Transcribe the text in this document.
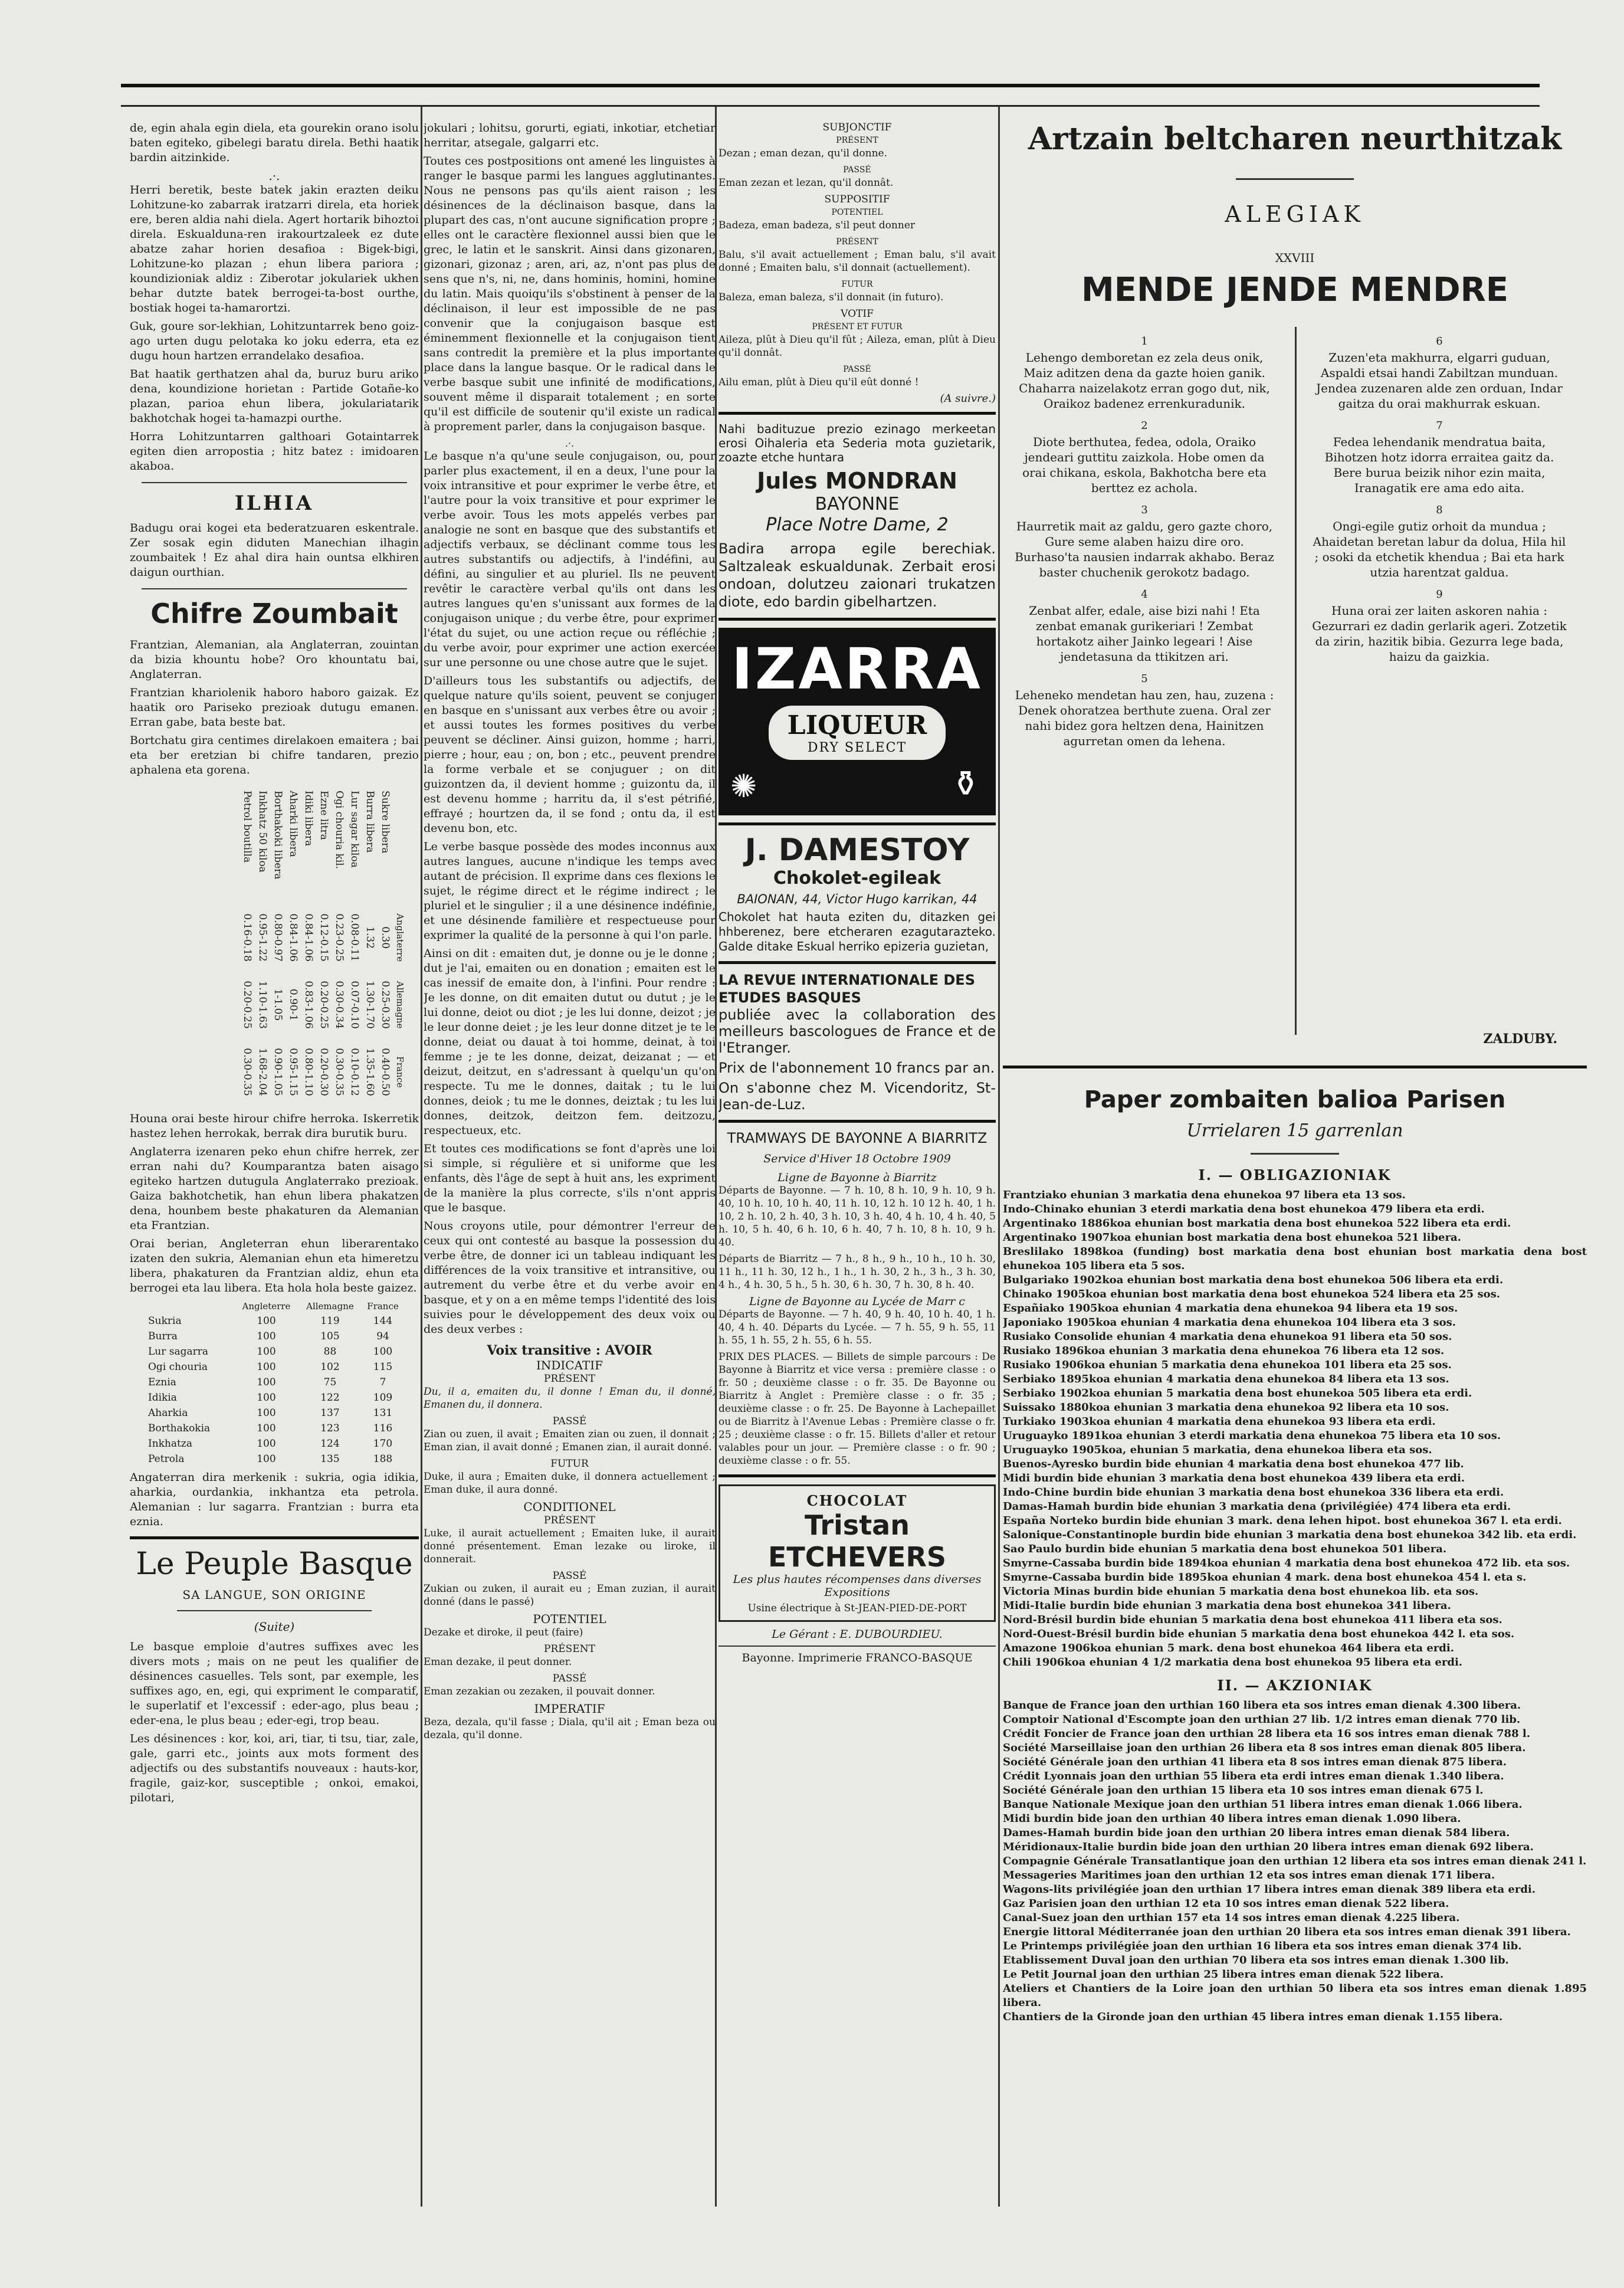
de, egin ahala egin diela, eta gourekin orano isolu baten egiteko, gibelegi baratu direla. Bethi haatik bardin aitzinkide.

.·.

Herri beretik, beste batek jakin erazten deiku Lohitzune-ko zabarrak iratzarri direla, eta horiek ere, beren aldia nahi diela. Agert hortarik bihoztoi direla. Eskualduna-ren irakourtzaleek ez dute abatze zahar horien desafioa : Bigek-bigi, Lohitzune-ko plazan ; ehun libera pariora ; koundizioniak aldiz : Ziberotar jokulariek ukhen behar dutzte batek berrogei-ta-bost ourthe, bostiak hogei ta-hamarortzi.

Guk, goure sor-lekhian, Lohitzuntarrek beno goiz-ago urten dugu pelotaka ko joku ederra, eta ez dugu houn hartzen errandelako desafioa.

Bat haatik gerthatzen ahal da, buruz buru ariko dena, koundizione horietan : Partide Gotañe-ko plazan, parioa ehun libera, jokulariatarik bakhotchak hogei ta-hamazpi ourthe.

Horra Lohitzuntarren galthoari Gotaintarrek egiten dien arropostia ; hitz batez : imidoaren akaboa.

ILHIA

Badugu orai kogei eta bederatzuaren eskentrale. Zer sosak egin diduten Manechian ilhagin zoumbaitek ! Ez ahal dira hain ountsa elkhiren daigun ourthian.

Chifre Zoumbait

Frantzian, Alemanian, ala Anglaterran, zouintan da bizia khountu hobe? Oro khountatu bai, Anglaterran.

Frantzian khariolenik haboro haboro gaizak. Ez haatik oro Pariseko prezioak dutugu emanen. Erran gabe, bata beste bat.

Bortchatu gira centimes direlakoen emaitera ; bai eta ber eretzian bi chifre tandaren, prezio aphalena eta gorena.

	Anglaterre	Allemagne	France
Sukre libera	0.30	0.25-0.30	0.40-0.50
Burra libera	1.32	1.30-1.70	1.35-1.60
Lur sagar kiloa	0.08-0.11	0.07-0.10	0.10-0.12
Ogi chouria kil.	0.23-0.25	0.30-0.34	0.30-0.35
Ezne litra	0.12-0.15	0.20-0.25	0.20-0.30
Idiki libera	0.84-1.06	0.83-1.06	0.80-1.10
Aharki libera	0.84-1.06	0.90-1	0.95-1.15
Borthakoki libera	0.80-0.97	1-1.05	0.90-1.05
Inkhatz 50 kiloa	0.95-1.22	1.10-1.63	1.68-2.04
Petrol boutilla	0.16-0.18	0.20-0.25	0.30-0.35

Houna orai beste hirour chifre herroka. Iskerretik hastez lehen herrokak, berrak dira burutik buru.

Anglaterra izenaren peko ehun chifre herrek, zer erran nahi du? Koumparantza baten aisago egiteko hartzen dutugula Anglaterrako prezioak. Gaiza bakhotchetik, han ehun libera phakatzen dena, hounbem beste phakaturen da Alemanian eta Frantzian.

Orai berian, Angleterran ehun liberarentako izaten den sukria, Alemanian ehun eta himeretzu libera, phakaturen da Frantzian aldiz, ehun eta berrogei eta lau libera. Eta hola hola beste gaizez.

	Angleterre	Allemagne	France
Sukria	100	119	144
Burra	100	105	94
Lur sagarra	100	88	100
Ogi chouria	100	102	115
Eznia	100	75	7
Idikia	100	122	109
Aharkia	100	137	131
Borthakokia	100	123	116
Inkhatza	100	124	170
Petrola	100	135	188

Angaterran dira merkenik : sukria, ogia idikia, aharkia, ourdankia, inkhantza eta petrola. Alemanian : lur sagarra. Frantzian : burra eta eznia.

Le Peuple Basque
SA LANGUE, SON ORIGINE
(Suite)

Le basque emploie d'autres suffixes avec les divers mots ; mais on ne peut les qualifier de désinences casuelles. Tels sont, par exemple, les suffixes ago, en, egi, qui expriment le comparatif, le superlatif et l'excessif : eder-ago, plus beau ; eder-ena, le plus beau ; eder-egi, trop beau.

Les désinences : kor, koi, ari, tiar, ti tsu, tiar, zale, gale, garri etc., joints aux mots forment des adjectifs ou des substantifs nouveaux : hauts-kor, fragile, gaiz-kor, susceptible ; onkoi, emakoi, pilotari,

jokulari ; lohitsu, gorurti, egiati, inkotiar, etchetiar herritar, atsegale, galgarri etc.

Toutes ces postpositions ont amené les linguistes à ranger le basque parmi les langues agglutinantes. Nous ne pensons pas qu'ils aient raison ; les désinences de la déclinaison basque, dans la plupart des cas, n'ont aucune signification propre ; elles ont le caractère flexionnel aussi bien que le grec, le latin et le sanskrit. Ainsi dans gizonaren, gizonari, gizonaz ; aren, ari, az, n'ont pas plus de sens que n's, ni, ne, dans hominis, homini, homine du latin. Mais quoiqu'ils s'obstinent à penser de la déclinaison, il leur est impossible de ne pas convenir que la conjugaison basque est éminemment flexionnelle et la conjugaison tient sans contredit la première et la plus importante place dans la langue basque. Or le radical dans le verbe basque subit une infinité de modifications, souvent même il disparait totalement ; en sorte qu'il est difficile de soutenir qu'il existe un radical à proprement parler, dans la conjugaison basque.

.·.

Le basque n'a qu'une seule conjugaison, ou, pour parler plus exactement, il en a deux, l'une pour la voix intransitive et pour exprimer le verbe être, et l'autre pour la voix transitive et pour exprimer le verbe avoir. Tous les mots appelés verbes par analogie ne sont en basque que des substantifs et adjectifs verbaux, se déclinant comme tous les autres substantifs ou adjectifs, à l'indéfini, au défini, au singulier et au pluriel. Ils ne peuvent revêtir le caractère verbal qu'ils ont dans les autres langues qu'en s'unissant aux formes de la conjugaison unique ; du verbe être, pour exprimer l'état du sujet, ou une action reçue ou réfléchie ; du verbe avoir, pour exprimer une action exercée sur une personne ou une chose autre que le sujet.

D'ailleurs tous les substantifs ou adjectifs, de quelque nature qu'ils soient, peuvent se conjuger en basque en s'unissant aux verbes être ou avoir ; et aussi toutes les formes positives du verbe peuvent se décliner. Ainsi guizon, homme ; harri, pierre ; hour, eau ; on, bon ; etc., peuvent prendre la forme verbale et se conjuguer ; on dit guizontzen da, il devient homme ; guizontu da, il est devenu homme ; harritu da, il s'est pétrifié, effrayé ; hourtzen da, il se fond ; ontu da, il est devenu bon, etc.

Le verbe basque possède des modes inconnus aux autres langues, aucune n'indique les temps avec autant de précision. Il exprime dans ces flexions le sujet, le régime direct et le régime indirect ; le pluriel et le singulier ; il a une désinence indéfinie, et une désinende familière et respectueuse pour exprimer la qualité de la personne à qui l'on parle.

Ainsi on dit : emaiten dut, je donne ou je le donne ; dut je l'ai, emaiten ou en donation ; emaiten est le cas inessif de emaite don, à l'infini. Pour rendre : Je les donne, on dit emaiten dutut ou dutut ; je le lui donne, deiot ou diot ; je les lui donne, deizot ; je le leur donne deiet ; je les leur donne ditzet je te le donne, deiat ou dauat à toi homme, deinat, à toi femme ; je te les donne, deizat, deizanat ; — et deizut, deitzut, en s'adressant à quelqu'un qu'on respecte. Tu me le donnes, daitak ; tu le lui donnes, deiok ; tu me le donnes, deiztak ; tu les lui donnes, deitzok, deitzon fem. deitzozu, respectueux, etc.

Et toutes ces modifications se font d'après une loi si simple, si régulière et si uniforme que les enfants, dès l'âge de sept à huit ans, les expriment de la manière la plus correcte, s'ils n'ont appris que le basque.

Nous croyons utile, pour démontrer l'erreur de ceux qui ont contesté au basque la possession du verbe être, de donner ici un tableau indiquant les différences de la voix transitive et intransitive, ou autrement du verbe être et du verbe avoir en basque, et y on a en même temps l'identité des lois suivies pour le développement des deux voix ou des deux verbes :

Voix transitive : AVOIR
INDICATIF
PRÉSENT

Du, il a, emaiten du, il donne ! Eman du, il donné, Emanen du, il donnera.

PASSÉ

Zian ou zuen, il avait ; Emaiten zian ou zuen, il donnait ; Eman zian, il avait donné ; Emanen zian, il aurait donné.

FUTUR

Duke, il aura ; Emaiten duke, il donnera actuellement ; Eman duke, il aura donné.

CONDITIONEL
PRÉSENT

Luke, il aurait actuellement ; Emaiten luke, il aurait donné présentement. Eman lezake ou liroke, il donnerait.

PASSÉ

Zukian ou zuken, il aurait eu ; Eman zuzian, il aurait donné (dans le passé)

POTENTIEL

Dezake et diroke, il peut (faire)

PRÉSENT

Eman dezake, il peut donner.

PASSÉ

Eman zezakian ou zezaken, il pouvait donner.

IMPERATIF

Beza, dezala, qu'il fasse ; Diala, qu'il ait ; Eman beza ou dezala, qu'il donne.

SUBJONCTIF
PRÉSENT

Dezan ; eman dezan, qu'il donne.

PASSÉ

Eman zezan et lezan, qu'il donnât.

SUPPOSITIF
POTENTIEL

Badeza, eman badeza, s'il peut donner

PRÉSENT

Balu, s'il avait actuellement ; Eman balu, s'il avait donné ; Emaiten balu, s'il donnait (actuellement).

FUTUR

Baleza, eman baleza, s'il donnait (in futuro).

VOTIF
PRÉSENT ET FUTUR

Aileza, plût à Dieu qu'il fût ; Aileza, eman, plût à Dieu qu'il donnât.

PASSÉ

Ailu eman, plût à Dieu qu'il eût donné !

(A suivre.)

Nahi badituzue prezio ezinago merkeetan erosi Oihaleria eta Sederia mota guzietarik, zoazte etche huntara

Jules MONDRAN
BAYONNE
Place Notre Dame, 2

Badira arropa egile berechiak. Saltzaleak eskualdunak. Zerbait erosi ondoan, dolutzeu zaionari trukatzen diote, edo bardin gibelhartzen.

IZARRA
LIQUEUR
DRY SELECT
✺	⚱
J. DAMESTOY
Chokolet-egileak
BAIONAN, 44, Victor Hugo karrikan, 44

Chokolet hat hauta eziten du, ditazken gei hhberenez, bere etcheraren ezagutarazteko. Galde ditake Eskual herriko epizeria guzietan,

LA REVUE INTERNATIONALE DES ETUDES BASQUES

publiée avec la collaboration des meilleurs bascologues de France et de l'Etranger.

Prix de l'abonnement 10 francs par an.

On s'abonne chez M. Vicendoritz, St-Jean-de-Luz.

TRAMWAYS DE BAYONNE A BIARRITZ
Service d'Hiver 18 Octobre 1909
Ligne de Bayonne à Biarritz

Départs de Bayonne. — 7 h. 10, 8 h. 10, 9 h. 10, 9 h. 40, 10 h. 10, 10 h. 40, 11 h. 10, 12 h. 10 12 h. 40, 1 h. 10, 2 h. 10, 2 h. 40, 3 h. 10, 3 h. 40, 4 h. 10, 4 h. 40, 5 h. 10, 5 h. 40, 6 h. 10, 6 h. 40, 7 h. 10, 8 h. 10, 9 h. 40.

Départs de Biarritz — 7 h., 8 h., 9 h., 10 h., 10 h. 30, 11 h., 11 h. 30, 12 h., 1 h., 1 h. 30, 2 h., 3 h., 3 h. 30, 4 h., 4 h. 30, 5 h., 5 h. 30, 6 h. 30, 7 h. 30, 8 h. 40.

Ligne de Bayonne au Lycée de Marr c

Départs de Bayonne. — 7 h. 40, 9 h. 40, 10 h. 40, 1 h. 40, 4 h. 40. Départs du Lycée. — 7 h. 55, 9 h. 55, 11 h. 55, 1 h. 55, 2 h. 55, 6 h. 55.

PRIX DES PLACES. — Billets de simple parcours : De Bayonne à Biarritz et vice versa : première classe : o fr. 50 ; deuxième classe : o fr. 35. De Bayonne ou Biarritz à Anglet : Première classe : o fr. 35 ; deuxième classe : o fr. 25. De Bayonne à Lachepaillet ou de Biarritz à l'Avenue Lebas : Première classe o fr. 25 ; deuxième classe : o fr. 15. Billets d'aller et retour valables pour un jour. — Première classe : o fr. 90 ; deuxième classe : o fr. 55.

CHOCOLAT
Tristan ETCHEVERS
Les plus hautes récompenses dans diverses Expositions
Usine électrique à St-JEAN-PIED-DE-PORT
Le Gérant : E. DUBOURDIEU.
Bayonne. Imprimerie FRANCO-BASQUE
Artzain beltcharen neurthitzak
ALEGIAK
XXVIII
MENDE JENDE MENDRE
1
Lehengo demboretan ez zela deus onik, Maiz aditzen dena da gazte hoien ganik. Chaharra naizelakotz erran gogo dut, nik, Oraikoz badenez errenkuradunik.
2
Diote berthutea, fedea, odola, Oraiko jendeari guttitu zaizkola. Hobe omen da orai chikana, eskola, Bakhotcha bere eta berttez ez achola.
3
Haurretik mait az galdu, gero gazte choro, Gure seme alaben haizu dire oro. Burhaso'ta nausien indarrak akhabo. Beraz baster chuchenik gerokotz badago.
4
Zenbat alfer, edale, aise bizi nahi ! Eta zenbat emanak gurikeriari ! Zembat hortakotz aiher Jainko legeari ! Aise jendetasuna da ttikitzen ari.
5
Leheneko mendetan hau zen, hau, zuzena : Denek ohoratzea berthute zuena. Oral zer nahi bidez gora heltzen dena, Hainitzen agurretan omen da lehena.
6
Zuzen'eta makhurra, elgarri guduan, Aspaldi etsai handi Zabiltzan munduan. Jendea zuzenaren alde zen orduan, Indar gaitza du orai makhurrak eskuan.
7
Fedea lehendanik mendratua baita, Bihotzen hotz idorra erraitea gaitz da. Bere burua beizik nihor ezin maita, Iranagatik ere ama edo aita.
8
Ongi-egile gutiz orhoit da mundua ; Ahaidetan beretan labur da dolua, Hila hil ; osoki da etchetik khendua ; Bai eta hark utzia harentzat galdua.
9
Huna orai zer laiten askoren nahia : Gezurrari ez dadin gerlarik ageri. Zotzetik da zirin, hazitik bibia. Gezurra lege bada, haizu da gaizkia.
ZALDUBY.
Paper zombaiten balioa Parisen
Urrielaren 15 garrenlan
I. — OBLIGAZIONIAK

Frantziako ehunian 3 markatia dena ehunekoa 97 libera eta 13 sos.

Indo-Chinako ehunian 3 eterdi markatia dena bost ehunekoa 479 libera eta erdi.

Argentinako 1886koa ehunian bost markatia dena bost ehunekoa 522 libera eta erdi.

Argentinako 1907koa ehunian bost markatia dena bost ehunekoa 521 libera.

Breslilako 1898koa (funding) bost markatia dena bost ehunian bost markatia dena bost ehunekoa 105 libera eta 5 sos.

Bulgariako 1902koa ehunian bost markatia dena bost ehunekoa 506 libera eta erdi.

Chinako 1905koa ehunian bost markatia dena bost ehunekoa 524 libera eta 25 sos.

Españiako 1905koa ehunian 4 markatia dena ehunekoa 94 libera eta 19 sos.

Japoniako 1905koa ehunian 4 markatia dena ehunekoa 104 libera eta 3 sos.

Rusiako Consolide ehunian 4 markatia dena ehunekoa 91 libera eta 50 sos.

Rusiako 1896koa ehunian 3 markatia dena ehunekoa 76 libera eta 12 sos.

Rusiako 1906koa ehunian 5 markatia dena ehunekoa 101 libera eta 25 sos.

Serbiako 1895koa ehunian 4 markatia dena ehunekoa 84 libera eta 13 sos.

Serbiako 1902koa ehunian 5 markatia dena bost ehunekoa 505 libera eta erdi.

Suissako 1880koa ehunian 3 markatia dena ehunekoa 92 libera eta 10 sos.

Turkiako 1903koa ehunian 4 markatia dena ehunekoa 93 libera eta erdi.

Uruguayko 1891koa ehunian 3 eterdi markatia dena ehunekoa 75 libera eta 10 sos.

Uruguayko 1905koa, ehunian 5 markatia, dena ehunekoa libera eta sos.

Buenos-Ayresko burdin bide ehunian 4 markatia dena bost ehunekoa 477 lib.

Midi burdin bide ehunian 3 markatia dena bost ehunekoa 439 libera eta erdi.

Indo-Chine burdin bide ehunian 3 markatia dena bost ehunekoa 336 libera eta erdi.

Damas-Hamah burdin bide ehunian 3 markatia dena (privilégiée) 474 libera eta erdi.

España Norteko burdin bide ehunian 3 mark. dena lehen hipot. bost ehunekoa 367 l. eta erdi.

Salonique-Constantinople burdin bide ehunian 3 markatia dena bost ehunekoa 342 lib. eta erdi.

Sao Paulo burdin bide ehunian 5 markatia dena bost ehunekoa 501 libera.

Smyrne-Cassaba burdin bide 1894koa ehunian 4 markatia dena bost ehunekoa 472 lib. eta sos.

Smyrne-Cassaba burdin bide 1895koa ehunian 4 mark. dena bost ehunekoa 454 l. eta s.

Victoria Minas burdin bide ehunian 5 markatia dena bost ehunekoa lib. eta sos.

Midi-Italie burdin bide ehunian 3 markatia dena bost ehunekoa 341 libera.

Nord-Brésil burdin bide ehunian 5 markatia dena bost ehunekoa 411 libera eta sos.

Nord-Ouest-Brésil burdin bide ehunian 5 markatia dena bost ehunekoa 442 l. eta sos.

Amazone 1906koa ehunian 5 mark. dena bost ehunekoa 464 libera eta erdi.

Chili 1906koa ehunian 4 1/2 markatia dena bost ehunekoa 95 libera eta erdi.

II. — AKZIONIAK

Banque de France joan den urthian 160 libera eta sos intres eman dienak 4.300 libera.

Comptoir National d'Escompte joan den urthian 27 lib. 1/2 intres eman dienak 770 lib.

Crédit Foncier de France joan den urthian 28 libera eta 16 sos intres eman dienak 788 l.

Société Marseillaise joan den urthian 26 libera eta 8 sos intres eman dienak 805 libera.

Société Générale joan den urthian 41 libera eta 8 sos intres eman dienak 875 libera.

Crédit Lyonnais joan den urthian 55 libera eta erdi intres eman dienak 1.340 libera.

Société Générale joan den urthian 15 libera eta 10 sos intres eman dienak 675 l.

Banque Nationale Mexique joan den urthian 51 libera intres eman dienak 1.066 libera.

Midi burdin bide joan den urthian 40 libera intres eman dienak 1.090 libera.

Dames-Hamah burdin bide joan den urthian 20 libera intres eman dienak 584 libera.

Méridionaux-Italie burdin bide joan den urthian 20 libera intres eman dienak 692 libera.

Compagnie Générale Transatlantique joan den urthian 12 libera eta sos intres eman dienak 241 l.

Messageries Maritimes joan den urthian 12 eta sos intres eman dienak 171 libera.

Wagons-lits privilégiée joan den urthian 17 libera intres eman dienak 389 libera eta erdi.

Gaz Parisien joan den urthian 12 eta 10 sos intres eman dienak 522 libera.

Canal-Suez joan den urthian 157 eta 14 sos intres eman dienak 4.225 libera.

Energie littoral Méditerranée joan den urthian 20 libera eta sos intres eman dienak 391 libera.

Le Printemps privilégiée joan den urthian 16 libera eta sos intres eman dienak 374 lib.

Etablissement Duval joan den urthian 70 libera eta sos intres eman dienak 1.300 lib.

Le Petit Journal joan den urthian 25 libera intres eman dienak 522 libera.

Ateliers et Chantiers de la Loire joan den urthian 50 libera eta sos intres eman dienak 1.895 libera.

Chantiers de la Gironde joan den urthian 45 libera intres eman dienak 1.155 libera.
